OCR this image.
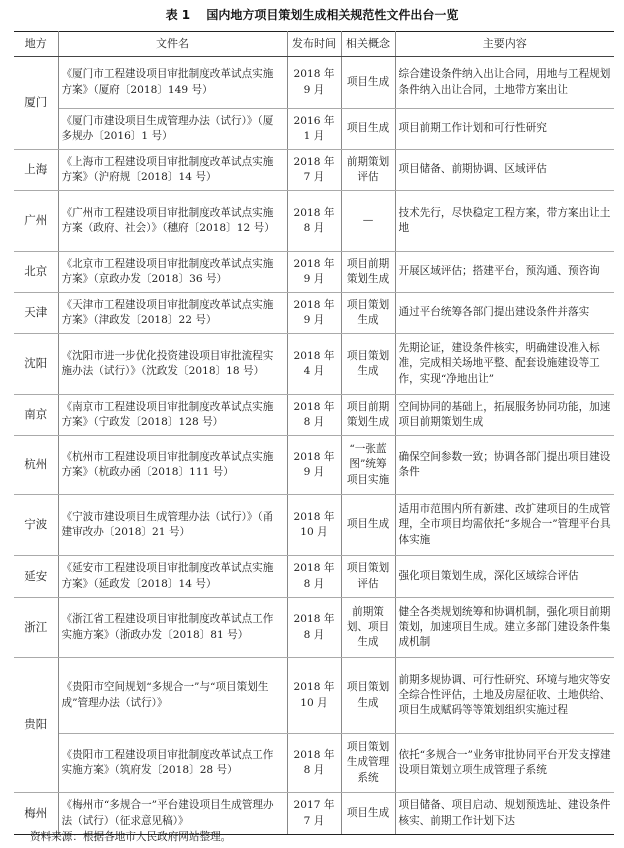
表 1 国内地方项目策划生成相关规范性文件出台一览
地方	文件名	发布时间	相关概念	主要内容
厦门	《厦门市工程建设项目审批制度改革试点实施方案》（厦府〔2018〕149 号）	2018 年 9 月	项目生成	综合建设条件纳入出让合同，用地与工程规划条件纳入出让合同，土地带方案出让
	《厦门市建设项目生成管理办法（试行）》（厦多规办〔2016〕1 号）	2016 年 1 月	项目生成	项目前期工作计划和可行性研究
上海	《上海市工程建设项目审批制度改革试点实施方案》（沪府规〔2018〕14 号）	2018 年 7 月	前期策划评估	项目储备、前期协调、区域评估
广州	《广州市工程建设项目审批制度改革试点实施方案（政府、社会）》（穗府〔2018〕12 号）	2018 年 8 月	—	技术先行，尽快稳定工程方案，带方案出让土地
北京	《北京市工程建设项目审批制度改革试点实施方案》（京政办发〔2018〕36 号）	2018 年 9 月	项目前期策划生成	开展区域评估；搭建平台，预沟通、预咨询
天津	《天津市工程建设项目审批制度改革试点实施方案》（津政发〔2018〕22 号）	2018 年 9 月	项目策划生成	通过平台统筹各部门提出建设条件并落实
沈阳	《沈阳市进一步优化投资建设项目审批流程实施办法（试行）》（沈政发〔2018〕18 号）	2018 年 4 月	项目策划生成	先期论证，建设条件核实，明确建设准入标准，完成相关场地平整、配套设施建设等工作，实现“净地出让”
南京	《南京市工程建设项目审批制度改革试点实施方案》（宁政发〔2018〕128 号）	2018 年 8 月	项目前期策划生成	空间协同的基础上，拓展服务协同功能，加速项目前期策划生成
杭州	《杭州市工程建设项目审批制度改革试点实施方案》（杭政办函〔2018〕111 号）	2018 年 9 月	“一张蓝图”统筹项目实施	确保空间参数一致；协调各部门提出项目建设条件
宁波	《宁波市建设项目生成管理办法（试行）》（甬建审改办〔2018〕21 号）	2018 年 10 月	项目生成	适用市范围内所有新建、改扩建项目的生成管理，全市项目均需依托“多规合一”管理平台具体实施
延安	《延安市工程建设项目审批制度改革试点实施方案》（延政发〔2018〕14 号）	2018 年 8 月	项目策划评估	强化项目策划生成，深化区域综合评估
浙江	《浙江省工程建设项目审批制度改革试点工作实施方案》（浙政办发〔2018〕81 号）	2018 年 8 月	前期策划、项目生成	健全各类规划统筹和协调机制，强化项目前期策划，加速项目生成。建立多部门建设条件集成机制
贵阳	《贵阳市空间规划“多规合一”与“项目策划生成”管理办法（试行）》	2018 年 10 月	项目策划生成	前期多规协调、可行性研究、环境与地灾等安全综合性评估，土地及房屋征收、土地供给、项目生成赋码等等策划组织实施过程
	《贵阳市工程建设项目审批制度改革试点工作实施方案》（筑府发〔2018〕28 号）	2018 年 8 月	项目策划生成管理系统	依托“多规合一”业务审批协同平台开发支撑建设项目策划立项生成管理子系统
梅州	《梅州市“多规合一”平台建设项目生成管理办法（试行）（征求意见稿）》	2017 年 7 月	项目生成	项目储备、项目启动、规划预选址、建设条件核实、前期工作计划下达
资料来源：根据各地市人民政府网站整理。
